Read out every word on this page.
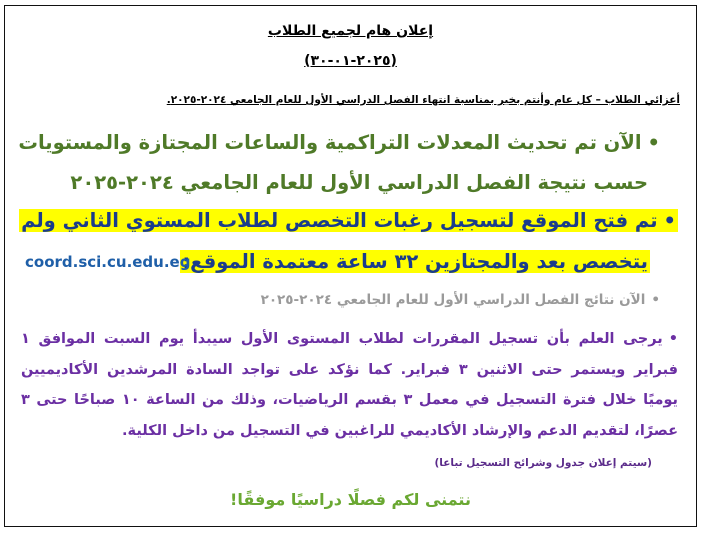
إعلان هام لجميع الطلاب
(٢٠٢٥-٠١-٣٠)
أعزائي الطلاب – كل عام وأنتم بخير بمناسبة انتهاء الفصل الدراسي الأول للعام الجامعي ٢٠٢٤-٢٠٢٥.
•الآن تم تحديث المعدلات التراكمية والساعات المجتازة والمستويات
حسب نتيجة الفصل الدراسي الأول للعام الجامعي ٢٠٢٤-٢٠٢٥
•تم فتح الموقع لتسجيل رغبات التخصص لطلاب المستوي الثاني ولم
يتخصص بعد والمجتازين ٣٢ ساعة معتمدة الموقع:
coord.sci.cu.edu.eg
•الآن نتائج الفصل الدراسي الأول للعام الجامعي ٢٠٢٤-٢٠٢٥
•يرجى العلم بأن تسجيل المقررات لطلاب المستوى الأول سيبدأ يوم السبت الموافق ١
فبراير ويستمر حتى الاثنين ٣ فبراير. كما نؤكد على تواجد السادة المرشدين الأكاديميين
يوميًا خلال فترة التسجيل في معمل ٣ بقسم الرياضيات، وذلك من الساعة ١٠ صباحًا حتى ٣
عصرًا، لتقديم الدعم والإرشاد الأكاديمي للراغبين في التسجيل من داخل الكلية.
(سيتم إعلان جدول وشرائح التسجيل تباعا)
نتمنى لكم فصلًا دراسيًا موفقًا!
